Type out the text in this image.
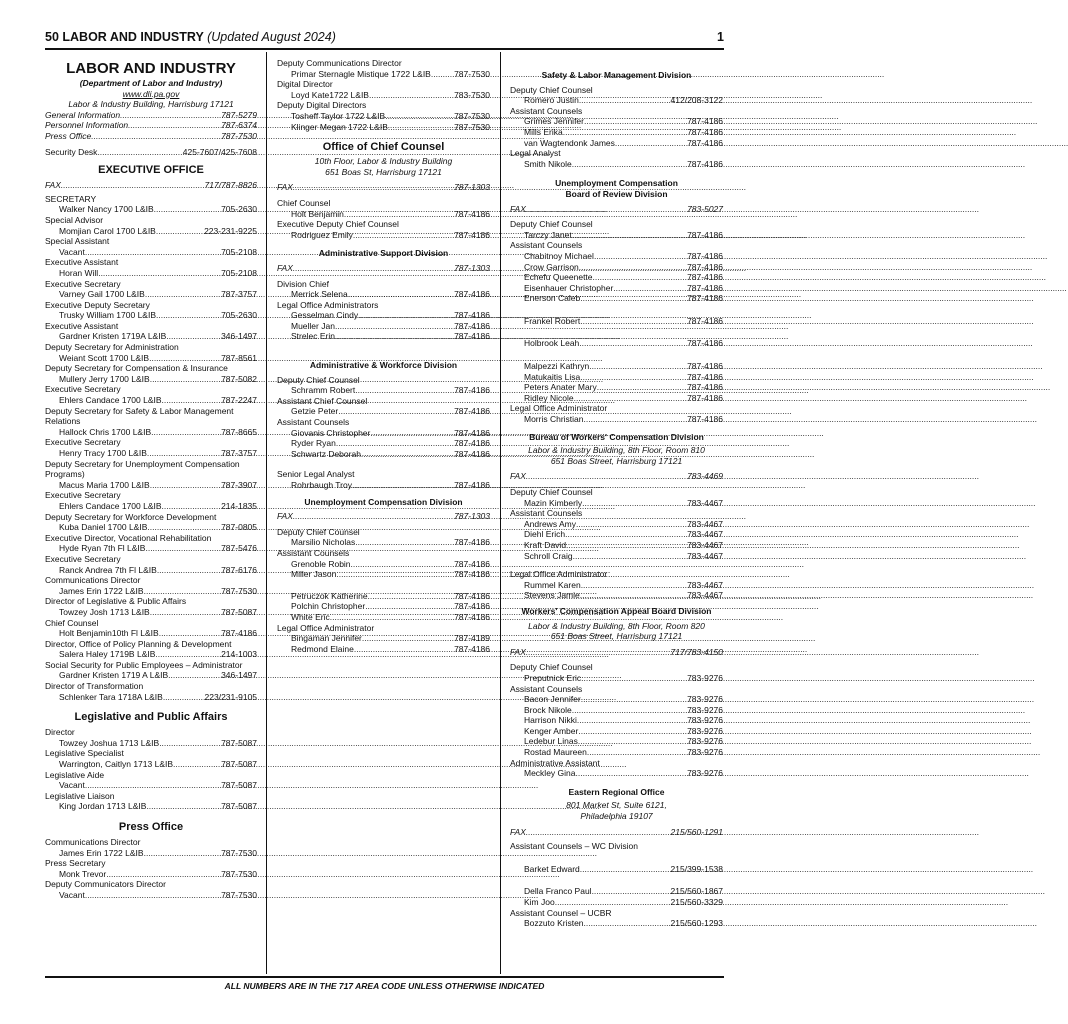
50 LABOR AND INDUSTRY (Updated August 2024)	1
LABOR AND INDUSTRY
(Department of Labor and Industry)
www.dli.pa.gov
Labor & Industry Building, Harrisburg 17121
General Information .....	787-5279
Personnel Information .....	787-6374
Press Office .....	787-7530
Security Desk .....	425-7607/425-7608
EXECUTIVE OFFICE
FAX .....	717/787-8826
SECRETARY
Walker Nancy 1700 L&IB .....	705-2630
Special Advisor
Momjian Carol 1700 L&IB .....	223-231-9225
Special Assistant
Vacant .....	705-2108
Executive Assistant
Horan Will .....	705-2108
Executive Secretary
Varney Gail 1700 L&IB .....	787-3757
Executive Deputy Secretary
Trusky William 1700 L&IB .....	705-2630
Executive Assistant
Gardner Kristen 1719A L&IB .....	346-1497
Deputy Secretary for Administration
Weiant Scott 1700 L&IB .....	787-8561
Deputy Secretary for Compensation & Insurance
Mullery Jerry 1700 L&IB .....	787-5082
Executive Secretary
Ehlers Candace 1700 L&IB .....	787-2247
Deputy Secretary for Safety & Labor Management Relations
Hallock Chris 1700 L&IB .....	787-8665
Executive Secretary
Henry Tracy 1700 L&IB .....	787-3757
Deputy Secretary for Unemployment Compensation Programs)
Macus Maria 1700 L&IB .....	787-3907
Executive Secretary
Ehlers Candace 1700 L&IB .....	214-1835
Deputy Secretary for Workforce Development
Kuba Daniel 1700 L&IB .....	787-0805
Executive Director, Vocational Rehabilitation
Hyde Ryan 7th Fl L&IB .....	787-5476
Executive Secretary
Ranck Andrea 7th Fl L&IB .....	787-6176
Communications Director
James Erin 1722 L&IB .....	787-7530
Director of Legislative & Public Affairs
Towzey Josh 1713 L&IB .....	787-5087
Chief Counsel
Holt Benjamin10th Fl L&IB .....	787-4186
Director, Office of Policy Planning & Development
Salera Haley 1719B L&IB .....	214-1003
Social Security for Public Employees – Administrator
Gardner Kristen 1719 A L&IB .....	346-1497
Director of Transformation
Schlenker Tara 1718A L&IB .....	223/231-9105
Legislative and Public Affairs
Director
Towzey Joshua 1713 L&IB .....	787-5087
Legislative Specialist
Warrington, Caitlyn 1713 L&IB .....	787-5087
Legislative Aide
Vacant .....	787-5087
Legislative Liaison
King Jordan 1713 L&IB .....	787-5087
Press Office
Communications Director
James Erin 1722 L&IB .....	787-7530
Press Secretary
Monk Trevor .....	787-7530
Deputy Communicators Director
Vacant .....	787-7530
Deputy Communications Director
Primar Sternagle Mistique 1722 L&IB .....	787-7530
Digital Director
Loyd Kate1722 L&IB .....	783-7530
Deputy Digital Directors
Tosheff Taylor 1722 L&IB .....	787-7530
Klinger Megan 1722 L&IB .....	787-7530
Office of Chief Counsel
10th Floor, Labor & Industry Building
651 Boas St, Harrisburg 17121
FAX .....	787-1303
Chief Counsel
Holt Benjamin .....	787-4186
Executive Deputy Chief Counsel
Rodriguez Emily .....	787-4186
Administrative Support Division
FAX .....	787-1303
Division Chief
Merrick Selena .....	787-4186
Legal Office Administrators
Gesselman Cindy .....	787-4186
Mueller Jan .....	787-4186
Strelec Erin .....	787-4186
Administrative & Workforce Division
Deputy Chief Counsel
Schramm Robert .....	787-4186
Assistant Chief Counsel
Getzie Peter .....	787-4186
Assistant Counsels
Giovanis Christopher .....	787-4186
Ryder Ryan .....	787-4186
Schwartz Deborah .....	787-4186
Senior Legal Analyst
Rohrbaugh Troy .....	787-4186
Unemployment Compensation Division
FAX .....	787-1303
Deputy Chief Counsel
Marsilio Nicholas .....	787-4186
Assistant Counsels
Grenoble Robin .....	787-4186
Miller Jason .....	787-4186
Petruczok Katherine .....	787-4186
Polchin Christopher .....	787-4186
White Eric .....	787-4186
Legal Office Administrator
Bingaman Jennifer .....	787-4189
Redmond Elaine .....	787-4186
Safety & Labor Management Division
Deputy Chief Counsel
Romero Justin .....	412/208-3122
Assistant Counsels
Grimes Jennifer .....	787-4186
Mills Erika .....	787-4186
van Wagtendonk James .....	787-4186
Legal Analyst
Smith Nikole .....	787-4186
Unemployment Compensation
Board of Review Division
FAX .....	783-5027
Deputy Chief Counsel
Tarczy Janet .....	787-4186
Assistant Counsels
Chabitnoy Michael .....	787-4186
Crow Garrison .....	787-4186
Echefu Queenette .....	787-4186
Eisenhauer Christopher .....	787-4186
Enerson Caleb .....	787-4186
Frankel Robert .....	787-4186
Holbrook Leah .....	787-4186
Malpezzi Kathryn .....	787-4186
Matukaitis Lisa .....	787-4186
Peters Anater Mary .....	787-4186
Ridley Nicole .....	787-4186
Legal Office Administrator
Morris Christian .....	787-4186
Bureau of Workers' Compensation Division
Labor & Industry Building, 8th Floor, Room 810
651 Boas Street, Harrisburg 17121
FAX .....	783-4469
Deputy Chief Counsel
Mazin Kimberly .....	783-4467
Assistant Counsels
Andrews Amy .....	783-4467
Diehl Erich .....	783-4467
Kraft David .....	783-4467
Schroll Craig .....	783-4467
Legal Office Administrator
Rummel Karen .....	783-4467
Stevens Jamie .....	783-4467
Workers' Compensation Appeal Board Division
Labor & Industry Building, 8th Floor, Room 820
651 Boas Street, Harrisburg 17121
FAX .....	717/783-4150
Deputy Chief Counsel
Preputnick Eric .....	783-9276
Assistant Counsels
Bacon Jennifer .....	783-9276
Brock Nikole .....	783-9276
Harrison Nikki .....	783-9276
Kenger Amber .....	783-9276
Ledebur Linas .....	783-9276
Rostad Maureen .....	783-9276
Administrative Assistant
Meckley Gina .....	783-9276
Eastern Regional Office
801 Market St, Suite 6121,
Philadelphia 19107
FAX .....	215/560-1291
Assistant Counsels – WC Division
Barket Edward .....	215/399-1538
Della Franco Paul .....	215/560-1867
Kim Joo .....	215/560-3329
Assistant Counsel – UCBR
Bozzuto Kristen .....	215/560-1293
ALL NUMBERS ARE IN THE 717 AREA CODE UNLESS OTHERWISE INDICATED
